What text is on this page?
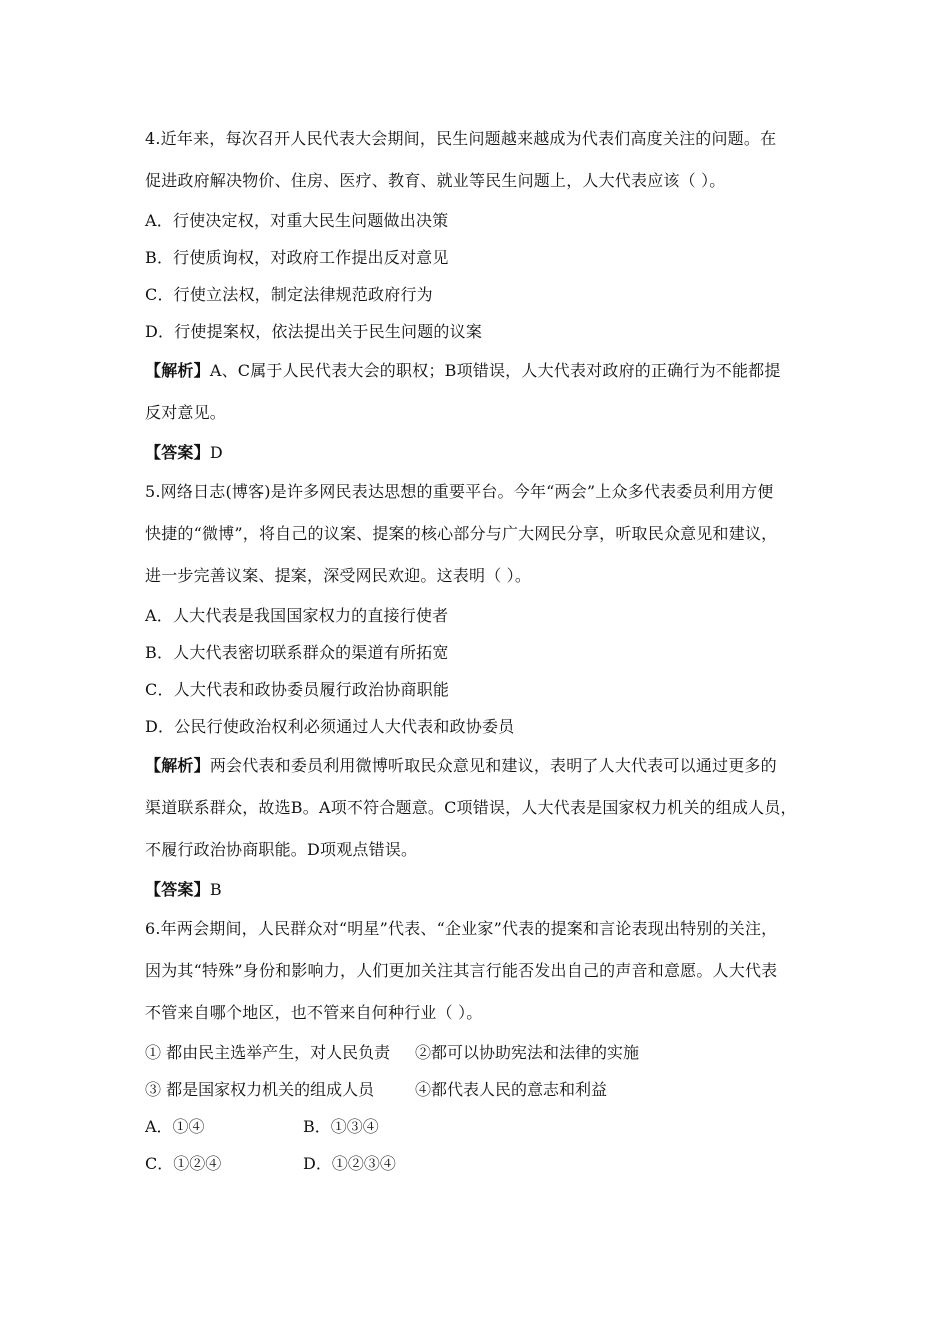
4.近年来，每次召开人民代表大会期间，民生问题越来越成为代表们高度关注的问题。在
促进政府解决物价、住房、医疗、教育、就业等民生问题上，人大代表应该（ ）。
A．行使决定权，对重大民生问题做出决策
B．行使质询权，对政府工作提出反对意见
C．行使立法权，制定法律规范政府行为
D．行使提案权，依法提出关于民生问题的议案
【解析】A、C属于人民代表大会的职权；B项错误，人大代表对政府的正确行为不能都提
反对意见。
【答案】D
5.网络日志(博客)是许多网民表达思想的重要平台。今年“两会”上众多代表委员利用方便
快捷的“微博”，将自己的议案、提案的核心部分与广大网民分享，听取民众意见和建议，
进一步完善议案、提案，深受网民欢迎。这表明（ ）。
A．人大代表是我国国家权力的直接行使者
B．人大代表密切联系群众的渠道有所拓宽
C．人大代表和政协委员履行政治协商职能
D．公民行使政治权利必须通过人大代表和政协委员
【解析】两会代表和委员利用微博听取民众意见和建议，表明了人大代表可以通过更多的
渠道联系群众，故选B。A项不符合题意。C项错误，人大代表是国家权力机关的组成人员，
不履行政治协商职能。D项观点错误。
【答案】B
6.年两会期间，人民群众对“明星”代表、“企业家”代表的提案和言论表现出特别的关注，
因为其“特殊”身份和影响力，人们更加关注其言行能否发出自己的声音和意愿。人大代表
不管来自哪个地区，也不管来自何种行业（ ）。
① 都由民主选举产生，对人民负责	②都可以协助宪法和法律的实施
③ 都是国家权力机关的组成人员	④都代表人民的意志和利益
A．①④	B．①③④
C．①②④	D．①②③④
